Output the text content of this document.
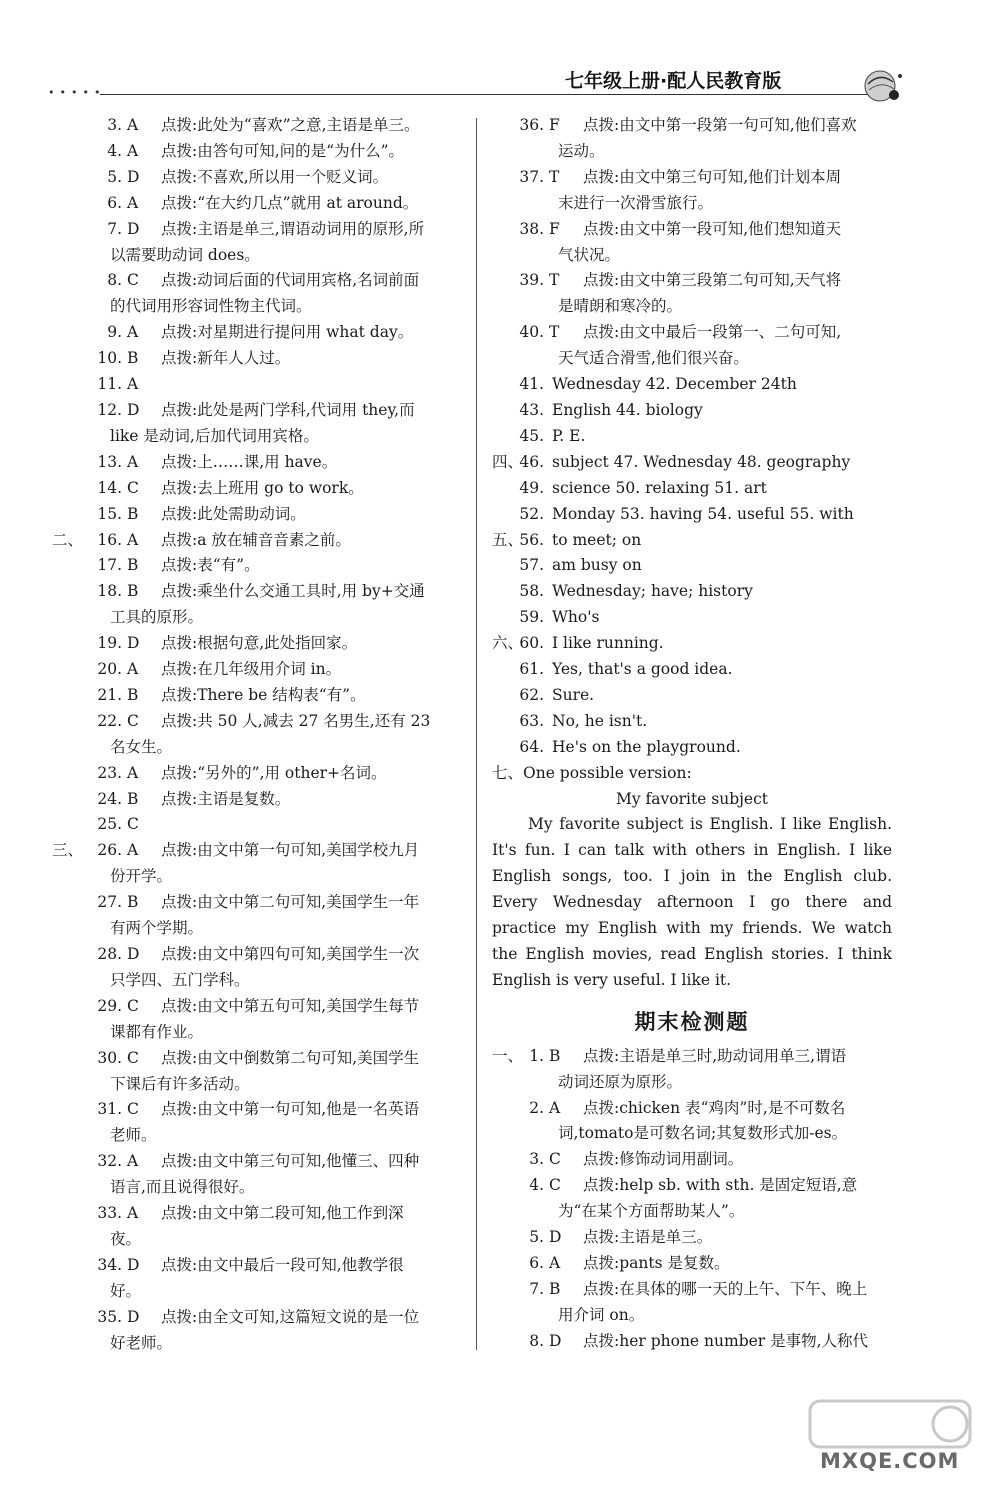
•••••
七年级上册·配人民教育版
3. A 点拨:此处为“喜欢”之意,主语是单三。
4. A 点拨:由答句可知,问的是“为什么”。
5. D 点拨:不喜欢,所以用一个贬义词。
6. A 点拨:“在大约几点”就用 at around。
7. D 点拨:主语是单三,谓语动词用的原形,所
以需要助动词 does。
8. C 点拨:动词后面的代词用宾格,名词前面
的代词用形容词性物主代词。
9. A 点拨:对星期进行提问用 what day。
10. B 点拨:新年人人过。
11. A
12. D 点拨:此处是两门学科,代词用 they,而
like 是动词,后加代词用宾格。
13. A 点拨:上……课,用 have。
14. C 点拨:去上班用 go to work。
15. B 点拨:此处需助动词。
二、 16. A 点拨:a 放在辅音音素之前。
17. B 点拨:表“有”。
18. B 点拨:乘坐什么交通工具时,用 by+交通
工具的原形。
19. D 点拨:根据句意,此处指回家。
20. A 点拨:在几年级用介词 in。
21. B 点拨:There be 结构表“有”。
22. C 点拨:共 50 人,减去 27 名男生,还有 23
名女生。
23. A 点拨:“另外的”,用 other+名词。
24. B 点拨:主语是复数。
25. C
三、 26. A 点拨:由文中第一句可知,美国学校九月
份开学。
27. B 点拨:由文中第二句可知,美国学生一年
有两个学期。
28. D 点拨:由文中第四句可知,美国学生一次
只学四、五门学科。
29. C 点拨:由文中第五句可知,美国学生每节
课都有作业。
30. C 点拨:由文中倒数第二句可知,美国学生
下课后有许多活动。
31. C 点拨:由文中第一句可知,他是一名英语
老师。
32. A 点拨:由文中第三句可知,他懂三、四种
语言,而且说得很好。
33. A 点拨:由文中第二段可知,他工作到深
夜。
34. D 点拨:由文中最后一段可知,他教学很
好。
35. D 点拨:由全文可知,这篇短文说的是一位
好老师。
36. F 点拨:由文中第一段第一句可知,他们喜欢
运动。
37. T 点拨:由文中第三句可知,他们计划本周
末进行一次滑雪旅行。
38. F 点拨:由文中第一段可知,他们想知道天
气状况。
39. T 点拨:由文中第三段第二句可知,天气将
是晴朗和寒冷的。
40. T 点拨:由文中最后一段第一、二句可知,
天气适合滑雪,他们很兴奋。
41. Wednesday 42. December 24th
43. English 44. biology
45. P. E.
四、
46. subject 47. Wednesday 48. geography
49. science 50. relaxing 51. art
52. Monday 53. having 54. useful 55. with
五、
56. to meet; on
57. am busy on
58. Wednesday; have; history
59. Who's
六、
60. I like running.
61. Yes, that's a good idea.
62. Sure.
63. No, he isn't.
64. He's on the playground.
七、One possible version:
My favorite subject
My favorite subject is English. I like English. It's fun. I can talk with others in English. I like English songs, too. I join in the English club. Every Wednesday afternoon I go there and practice my English with my friends. We watch the English movies, read English stories. I think English is very useful. I like it.
期末检测题
一、 1. B 点拨:主语是单三时,助动词用单三,谓语
动词还原为原形。
2. A 点拨:chicken 表“鸡肉”时,是不可数名
词,tomato是可数名词;其复数形式加-es。
3. C 点拨:修饰动词用副词。
4. C 点拨:help sb. with sth. 是固定短语,意
为“在某个方面帮助某人”。
5. D 点拨:主语是单三。
6. A 点拨:pants 是复数。
7. B 点拨:在具体的哪一天的上午、下午、晚上
用介词 on。
8. D 点拨:her phone number 是事物,人称代
MXQE.COM
